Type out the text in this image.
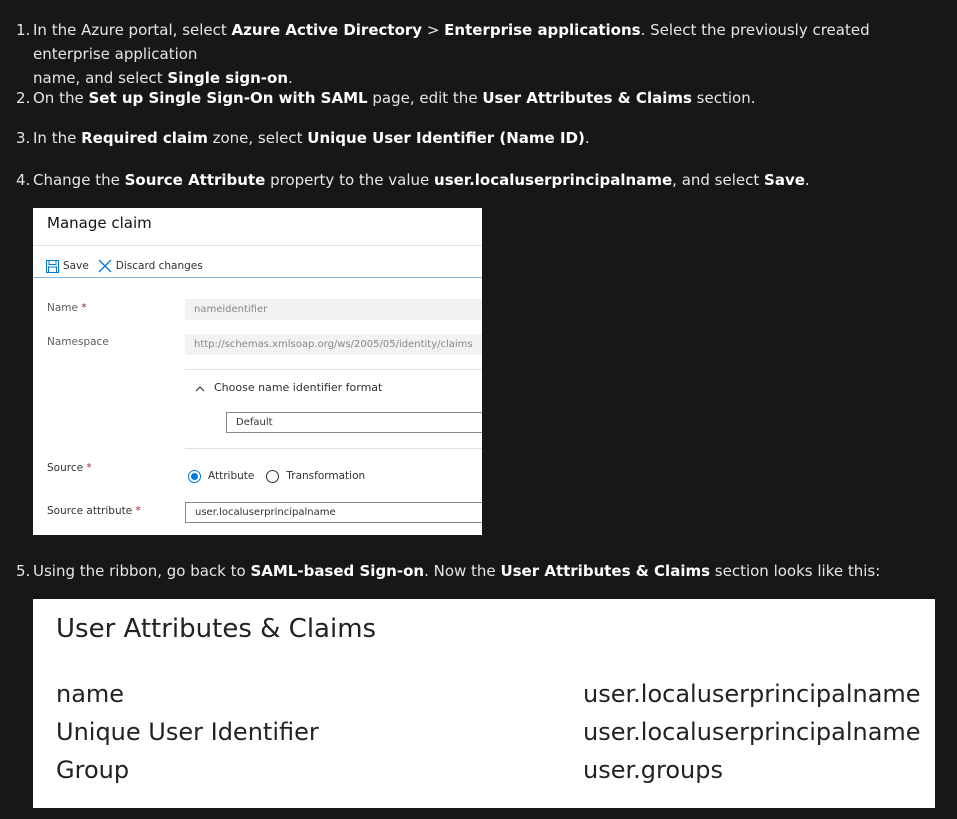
1. In the Azure portal, select Azure Active Directory > Enterprise applications. Select the previously created enterprise application
name, and select Single sign-on.
2. On the Set up Single Sign-On with SAML page, edit the User Attributes & Claims section.
3. In the Required claim zone, select Unique User Identifier (Name ID).
4. Change the Source Attribute property to the value user.localuserprincipalname, and select Save.
5. Using the ribbon, go back to SAML-based Sign-on. Now the User Attributes & Claims section looks like this:
Manage claim
Save	Discard changes
Name *	nameidentifier
Namespace	http://schemas.xmlsoap.org/ws/2005/05/identity/claims
Choose name identifier format
Default
Source *
Attribute	Transformation
Source attribute *	user.localuserprincipalname
User Attributes & Claims
name	user.localuserprincipalname
Unique User Identifier	user.localuserprincipalname
Group	user.groups
